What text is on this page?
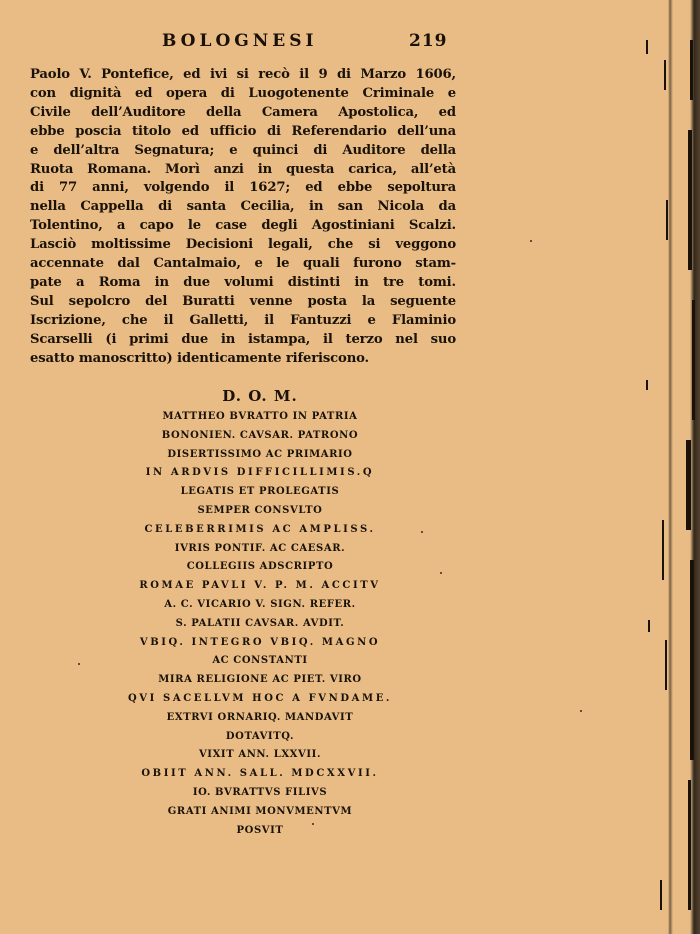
BOLOGNESI	219
Paolo V. Pontefice, ed ivi si recò il 9 di Marzo 1606,
con dignità ed opera di Luogotenente Criminale e
Civile dell’Auditore della Camera Apostolica, ed
ebbe poscia titolo ed ufficio di Referendario dell’una
e dell’altra Segnatura; e quinci di Auditore della
Ruota Romana. Morì anzi in questa carica, all’età
di 77 anni, volgendo il 1627; ed ebbe sepoltura
nella Cappella di santa Cecilia, in san Nicola da
Tolentino, a capo le case degli Agostiniani Scalzi.
Lasciò moltissime Decisioni legali, che si veggono
accennate dal Cantalmaio, e le quali furono stam-
pate a Roma in due volumi distinti in tre tomi.
Sul sepolcro del Buratti venne posta la seguente
Iscrizione, che il Galletti, il Fantuzzi e Flaminio
Scarselli (i primi due in istampa, il terzo nel suo
esatto manoscritto) identicamente riferiscono.
D. O. M.
MATTHEO BVRATTO IN PATRIA
BONONIEN. CAVSAR. PATRONO
DISERTISSIMO AC PRIMARIO
IN ARDVIS DIFFICILLIMIS.Q
LEGATIS ET PROLEGATIS
SEMPER CONSVLTO
CELEBERRIMIS AC AMPLISS.
IVRIS PONTIF. AC CAESAR.
COLLEGIIS ADSCRIPTO
ROMAE PAVLI V. P. M. ACCITV
A. C. VICARIO V. SIGN. REFER.
S. PALATII CAVSAR. AVDIT.
VBIQ. INTEGRO VBIQ. MAGNO
AC CONSTANTI
MIRA RELIGIONE AC PIET. VIRO
QVI SACELLVM HOC A FVNDAME.
EXTRVI ORNARIQ. MANDAVIT
DOTAVITQ.
VIXIT ANN. LXXVII.
OBIIT ANN. SALL. MDCXXVII.
IO. BVRATTVS FILIVS
GRATI ANIMI MONVMENTVM
POSVIT
